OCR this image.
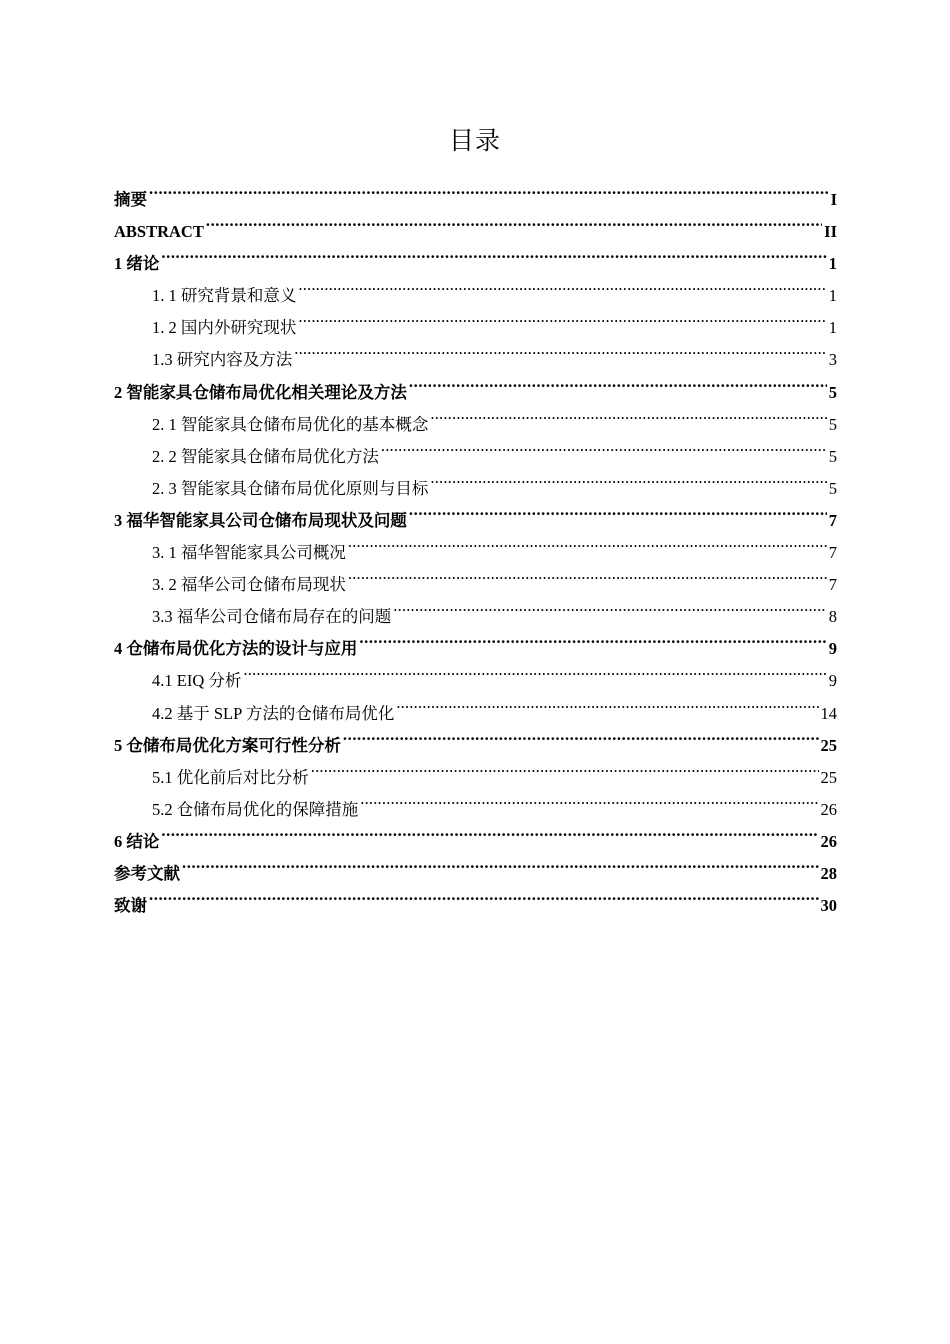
目录
摘要 .....	I
ABSTRACT .....	II
1 绪论 .....	1
1. 1 研究背景和意义 .....	1
1. 2 国内外研究现状 .....	1
1.3 研究内容及方法 .....	3
2 智能家具仓储布局优化相关理论及方法 .....	5
2. 1 智能家具仓储布局优化的基本概念 .....	5
2. 2 智能家具仓储布局优化方法 .....	5
2. 3 智能家具仓储布局优化原则与目标 .....	5
3 福华智能家具公司仓储布局现状及问题 .....	7
3. 1 福华智能家具公司概况 .....	7
3. 2 福华公司仓储布局现状 .....	7
3.3 福华公司仓储布局存在的问题 .....	8
4 仓储布局优化方法的设计与应用 .....	9
4.1 EIQ 分析 .....	9
4.2 基于 SLP 方法的仓储布局优化 .....	14
5 仓储布局优化方案可行性分析 .....	25
5.1 优化前后对比分析 .....	25
5.2 仓储布局优化的保障措施 .....	26
6 结论 .....	26
参考文献 .....	28
致谢 .....	30
